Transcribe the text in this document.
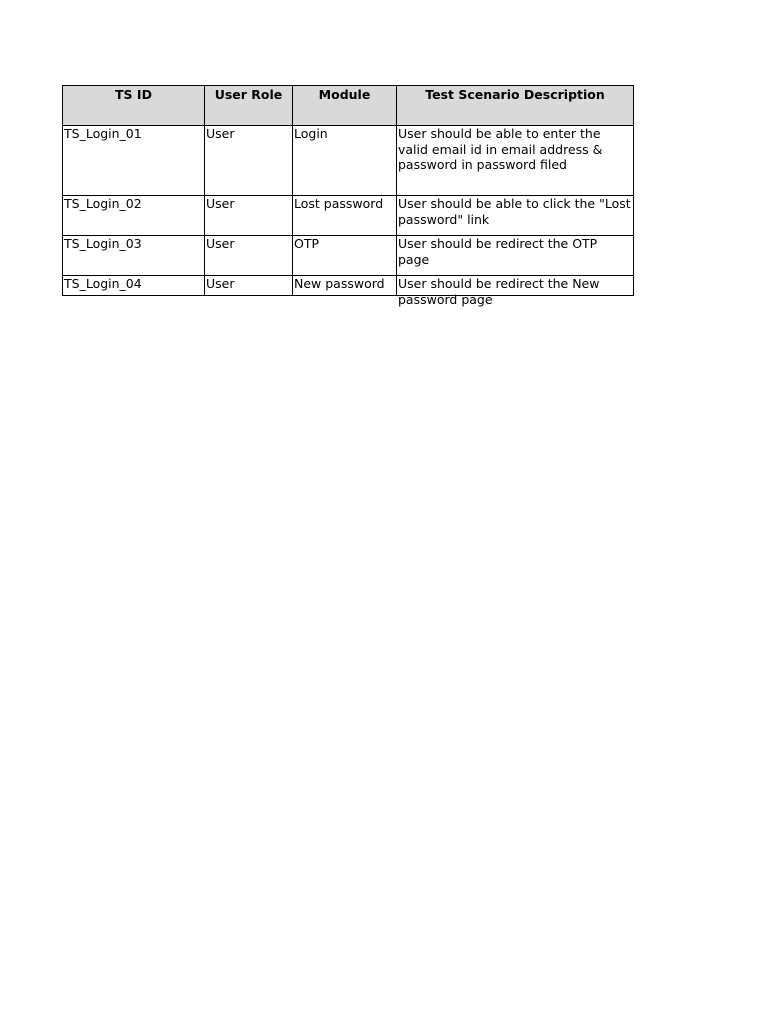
TS ID	User Role	Module	Test Scenario Description
TS_Login_01	User	Login	User should be able to enter the valid email id in email address & password in password filed
TS_Login_02	User	Lost password	User should be able to click the "Lost password" link
TS_Login_03	User	OTP	User should be redirect the OTP page
TS_Login_04	User	New password	User should be redirect the New password page
